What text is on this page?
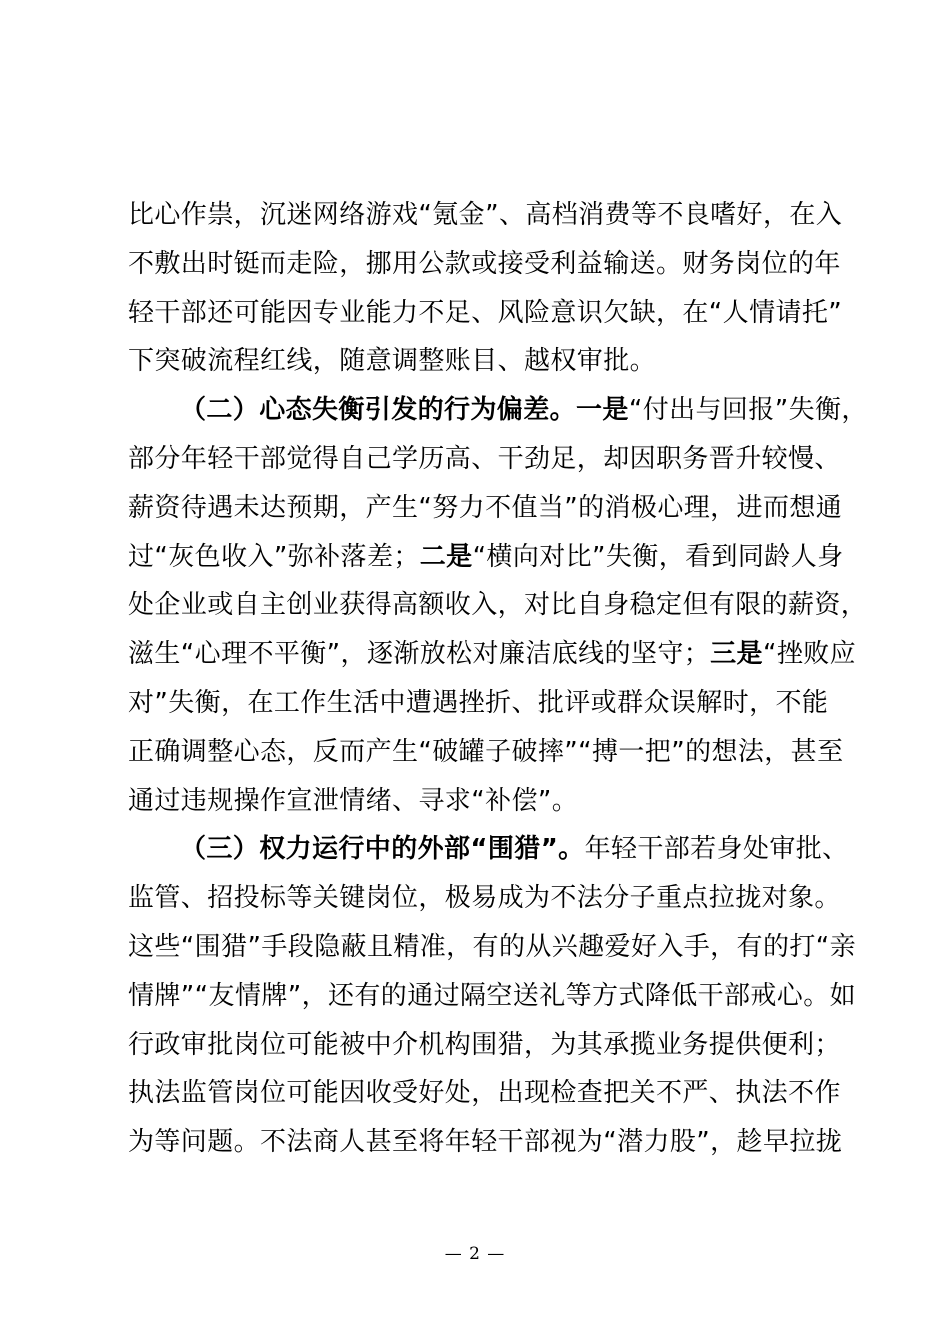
比心作祟，沉迷网络游戏“氪金”、高档消费等不良嗜好，在入
不敷出时铤而走险，挪用公款或接受利益输送。财务岗位的年
轻干部还可能因专业能力不足、风险意识欠缺，在“人情请托”
下突破流程红线，随意调整账目、越权审批。
（二）心态失衡引发的行为偏差。一是“付出与回报”失衡，
部分年轻干部觉得自己学历高、干劲足，却因职务晋升较慢、
薪资待遇未达预期，产生“努力不值当”的消极心理，进而想通
过“灰色收入”弥补落差；二是“横向对比”失衡，看到同龄人身
处企业或自主创业获得高额收入，对比自身稳定但有限的薪资，
滋生“心理不平衡”，逐渐放松对廉洁底线的坚守；三是“挫败应
对”失衡，在工作生活中遭遇挫折、批评或群众误解时，不能
正确调整心态，反而产生“破罐子破摔”“搏一把”的想法，甚至
通过违规操作宣泄情绪、寻求“补偿”。
（三）权力运行中的外部“围猎”。年轻干部若身处审批、
监管、招投标等关键岗位，极易成为不法分子重点拉拢对象。
这些“围猎”手段隐蔽且精准，有的从兴趣爱好入手，有的打“亲
情牌”“友情牌”，还有的通过隔空送礼等方式降低干部戒心。如
行政审批岗位可能被中介机构围猎，为其承揽业务提供便利；
执法监管岗位可能因收受好处，出现检查把关不严、执法不作
为等问题。不法商人甚至将年轻干部视为“潜力股”，趁早拉拢
— 2 —
